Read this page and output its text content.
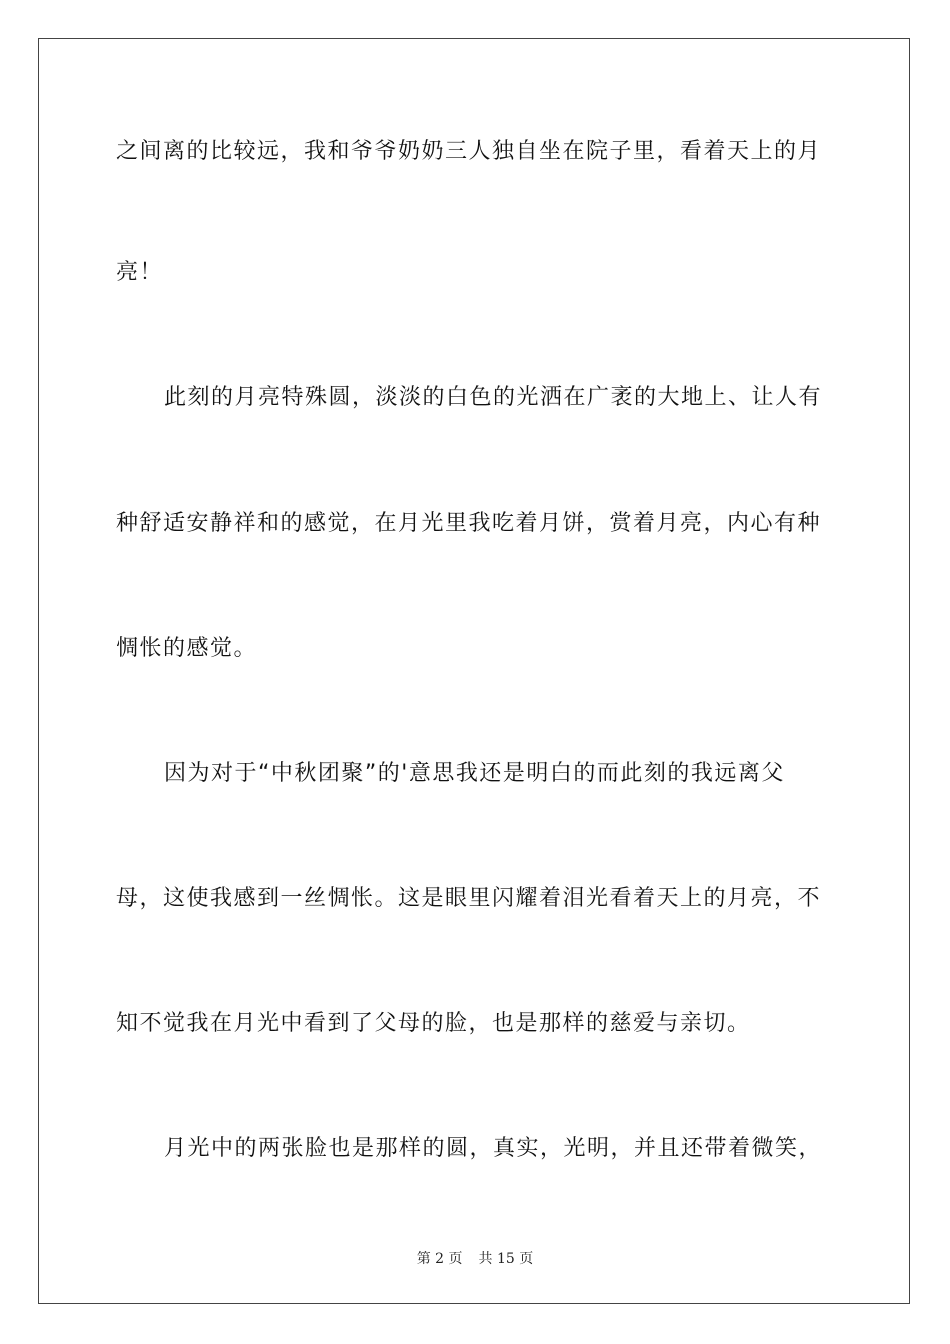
之间离的比较远，我和爷爷奶奶三人独自坐在院子里，看着天上的月
亮！
此刻的月亮特殊圆，淡淡的白色的光洒在广袤的大地上、让人有
种舒适安静祥和的感觉，在月光里我吃着月饼，赏着月亮，内心有种
惆怅的感觉。
因为对于“中秋团聚”的'意思我还是明白的而此刻的我远离父
母，这使我感到一丝惆怅。这是眼里闪耀着泪光看着天上的月亮，不
知不觉我在月光中看到了父母的脸，也是那样的慈爱与亲切。
月光中的两张脸也是那样的圆，真实，光明，并且还带着微笑，
第 2 页 共 15 页
